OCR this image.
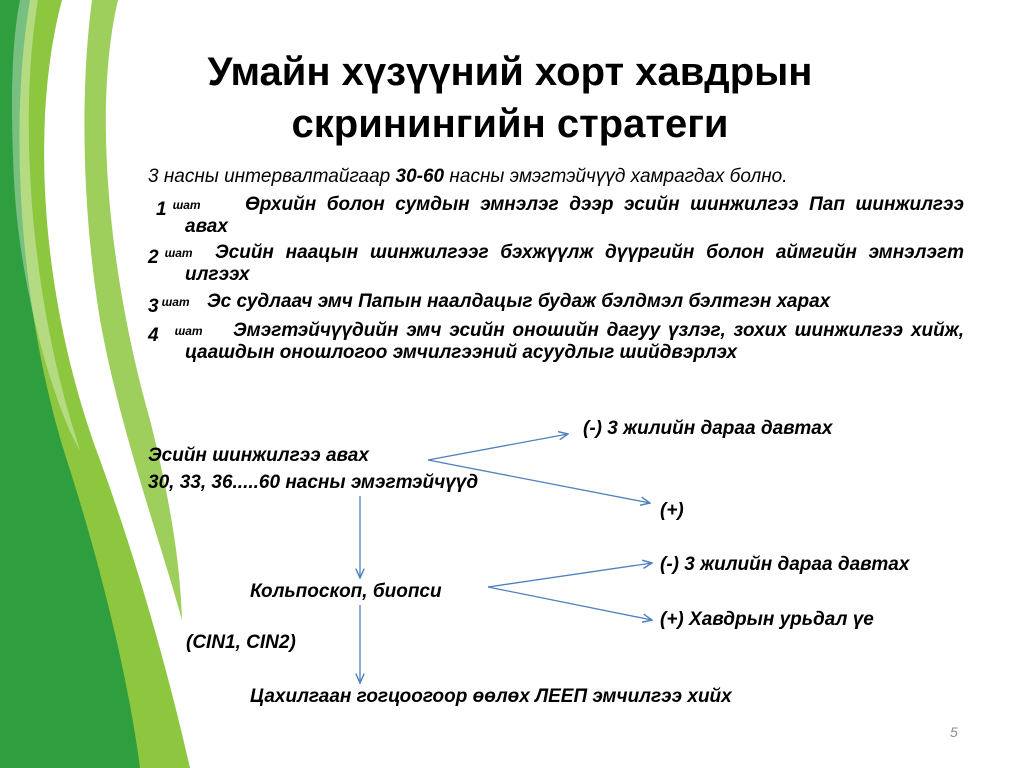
Умайн хүзүүний хорт хавдрын
скринингийн стратеги
3 насны интервалтайгаар 30-60 насны эмэгтэйчүүд хамрагдах болно.
1 $^{шат}$	Өрхийн болон сумдын эмнэлэг дээр эсийн шинжилгээ Пап шинжилгээ авах
2 $^{шат}$	Эсийн наацын шинжилгээг бэхжүүлж дүүргийн болон аймгийн эмнэлэгт илгээх
3 $^{шат}$ Эс судлаач эмч Папын наалдацыг будаж бэлдмэл бэлтгэн харах
4 $^{шат}$	Эмэгтэйчүүдийн эмч эсийн оношийн дагуу үзлэг, зохих шинжилгээ хийж, цаашдын оношлогоо эмчилгээний асуудлыг шийдвэрлэх
(-) 3 жилийн дараа давтах
Эсийн шинжилгээ авах
30, 33, 36.....60 насны эмэгтэйчүүд
(+)
(-) 3 жилийн дараа давтах
Кольпоскоп, биопси
(+) Хавдрын урьдал үе
(CIN1, CIN2)
Цахилгаан гогцоогоор өөлөх ЛЕЕП эмчилгээ хийх
5
